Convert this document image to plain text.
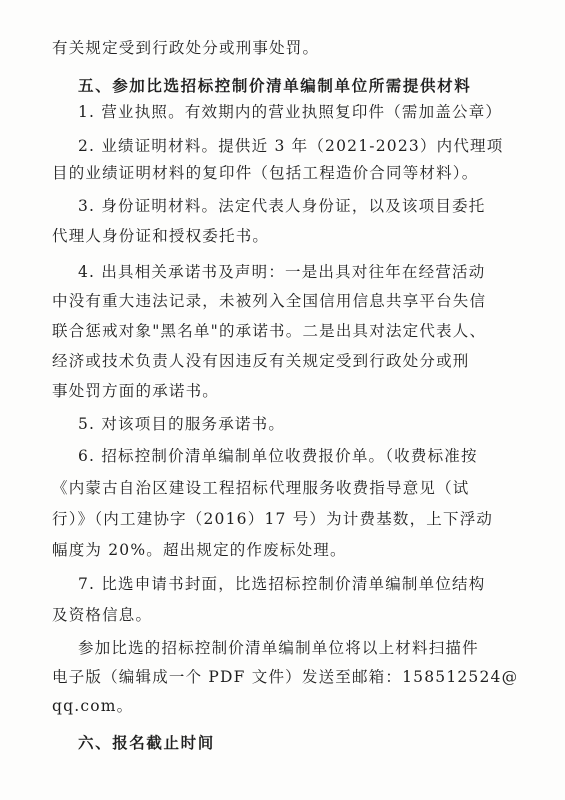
有关规定受到行政处分或刑事处罚。
五、参加比选招标控制价清单编制单位所需提供材料
1. 营业执照。有效期内的营业执照复印件（需加盖公章）
2. 业绩证明材料。提供近 3 年（2021-2023）内代理项
目的业绩证明材料的复印件（包括工程造价合同等材料）。
3. 身份证明材料。法定代表人身份证，以及该项目委托
代理人身份证和授权委托书。
4. 出具相关承诺书及声明：一是出具对往年在经营活动
中没有重大违法记录，未被列入全国信用信息共享平台失信
联合惩戒对象"黑名单"的承诺书。二是出具对法定代表人、
经济或技术负责人没有因违反有关规定受到行政处分或刑
事处罚方面的承诺书。
5. 对该项目的服务承诺书。
6. 招标控制价清单编制单位收费报价单。（收费标准按
《内蒙古自治区建设工程招标代理服务收费指导意见（试
行）》（内工建协字（2016）17 号）为计费基数，上下浮动
幅度为 20%。超出规定的作废标处理。
7. 比选申请书封面，比选招标控制价清单编制单位结构
及资格信息。
参加比选的招标控制价清单编制单位将以上材料扫描件
电子版（编辑成一个 PDF 文件）发送至邮箱：158512524@
qq.com。
六、报名截止时间
